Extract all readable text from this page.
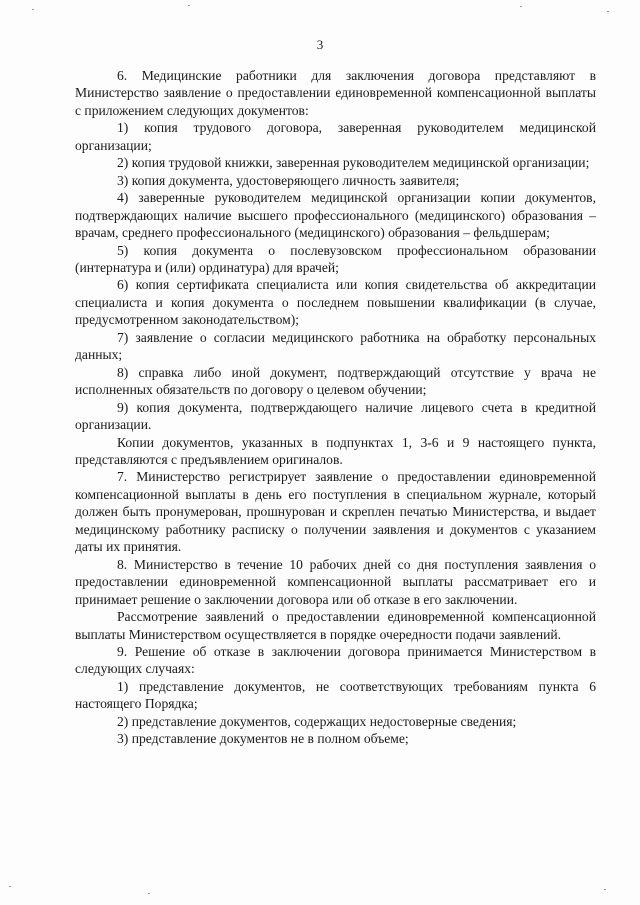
3

6. Медицинские работники для заключения договора представляют в Министерство заявление о предоставлении единовременной компенсационной выплаты с приложением следующих документов:

1) копия трудового договора, заверенная руководителем медицинской организации;

2) копия трудовой книжки, заверенная руководителем медицинской организации;

3) копия документа, удостоверяющего личность заявителя;

4) заверенные руководителем медицинской организации копии документов, подтверждающих наличие высшего профессионального (медицинского) образования – врачам, среднего профессионального (медицинского) образования – фельдшерам;

5) копия документа о послевузовском профессиональном образовании (интернатура и (или) ординатура) для врачей;

6) копия сертификата специалиста или копия свидетельства об аккредитации специалиста и копия документа о последнем повышении квалификации (в случае, предусмотренном законодательством);

7) заявление о согласии медицинского работника на обработку персональных данных;

8) справка либо иной документ, подтверждающий отсутствие у врача не исполненных обязательств по договору о целевом обучении;

9) копия документа, подтверждающего наличие лицевого счета в кредитной организации.

Копии документов, указанных в подпунктах 1, 3-6 и 9 настоящего пункта, представляются с предъявлением оригиналов.

7. Министерство регистрирует заявление о предоставлении единовременной компенсационной выплаты в день его поступления в специальном журнале, который должен быть пронумерован, прошнурован и скреплен печатью Министерства, и выдает медицинскому работнику расписку о получении заявления и документов с указанием даты их принятия.

8. Министерство в течение 10 рабочих дней со дня поступления заявления о предоставлении единовременной компенсационной выплаты рассматривает его и принимает решение о заключении договора или об отказе в его заключении.

Рассмотрение заявлений о предоставлении единовременной компенсационной выплаты Министерством осуществляется в порядке очередности подачи заявлений.

9. Решение об отказе в заключении договора принимается Министерством в следующих случаях:

1) представление документов, не соответствующих требованиям пункта 6 настоящего Порядка;

2) представление документов, содержащих недостоверные сведения;

3) представление документов не в полном объеме;
